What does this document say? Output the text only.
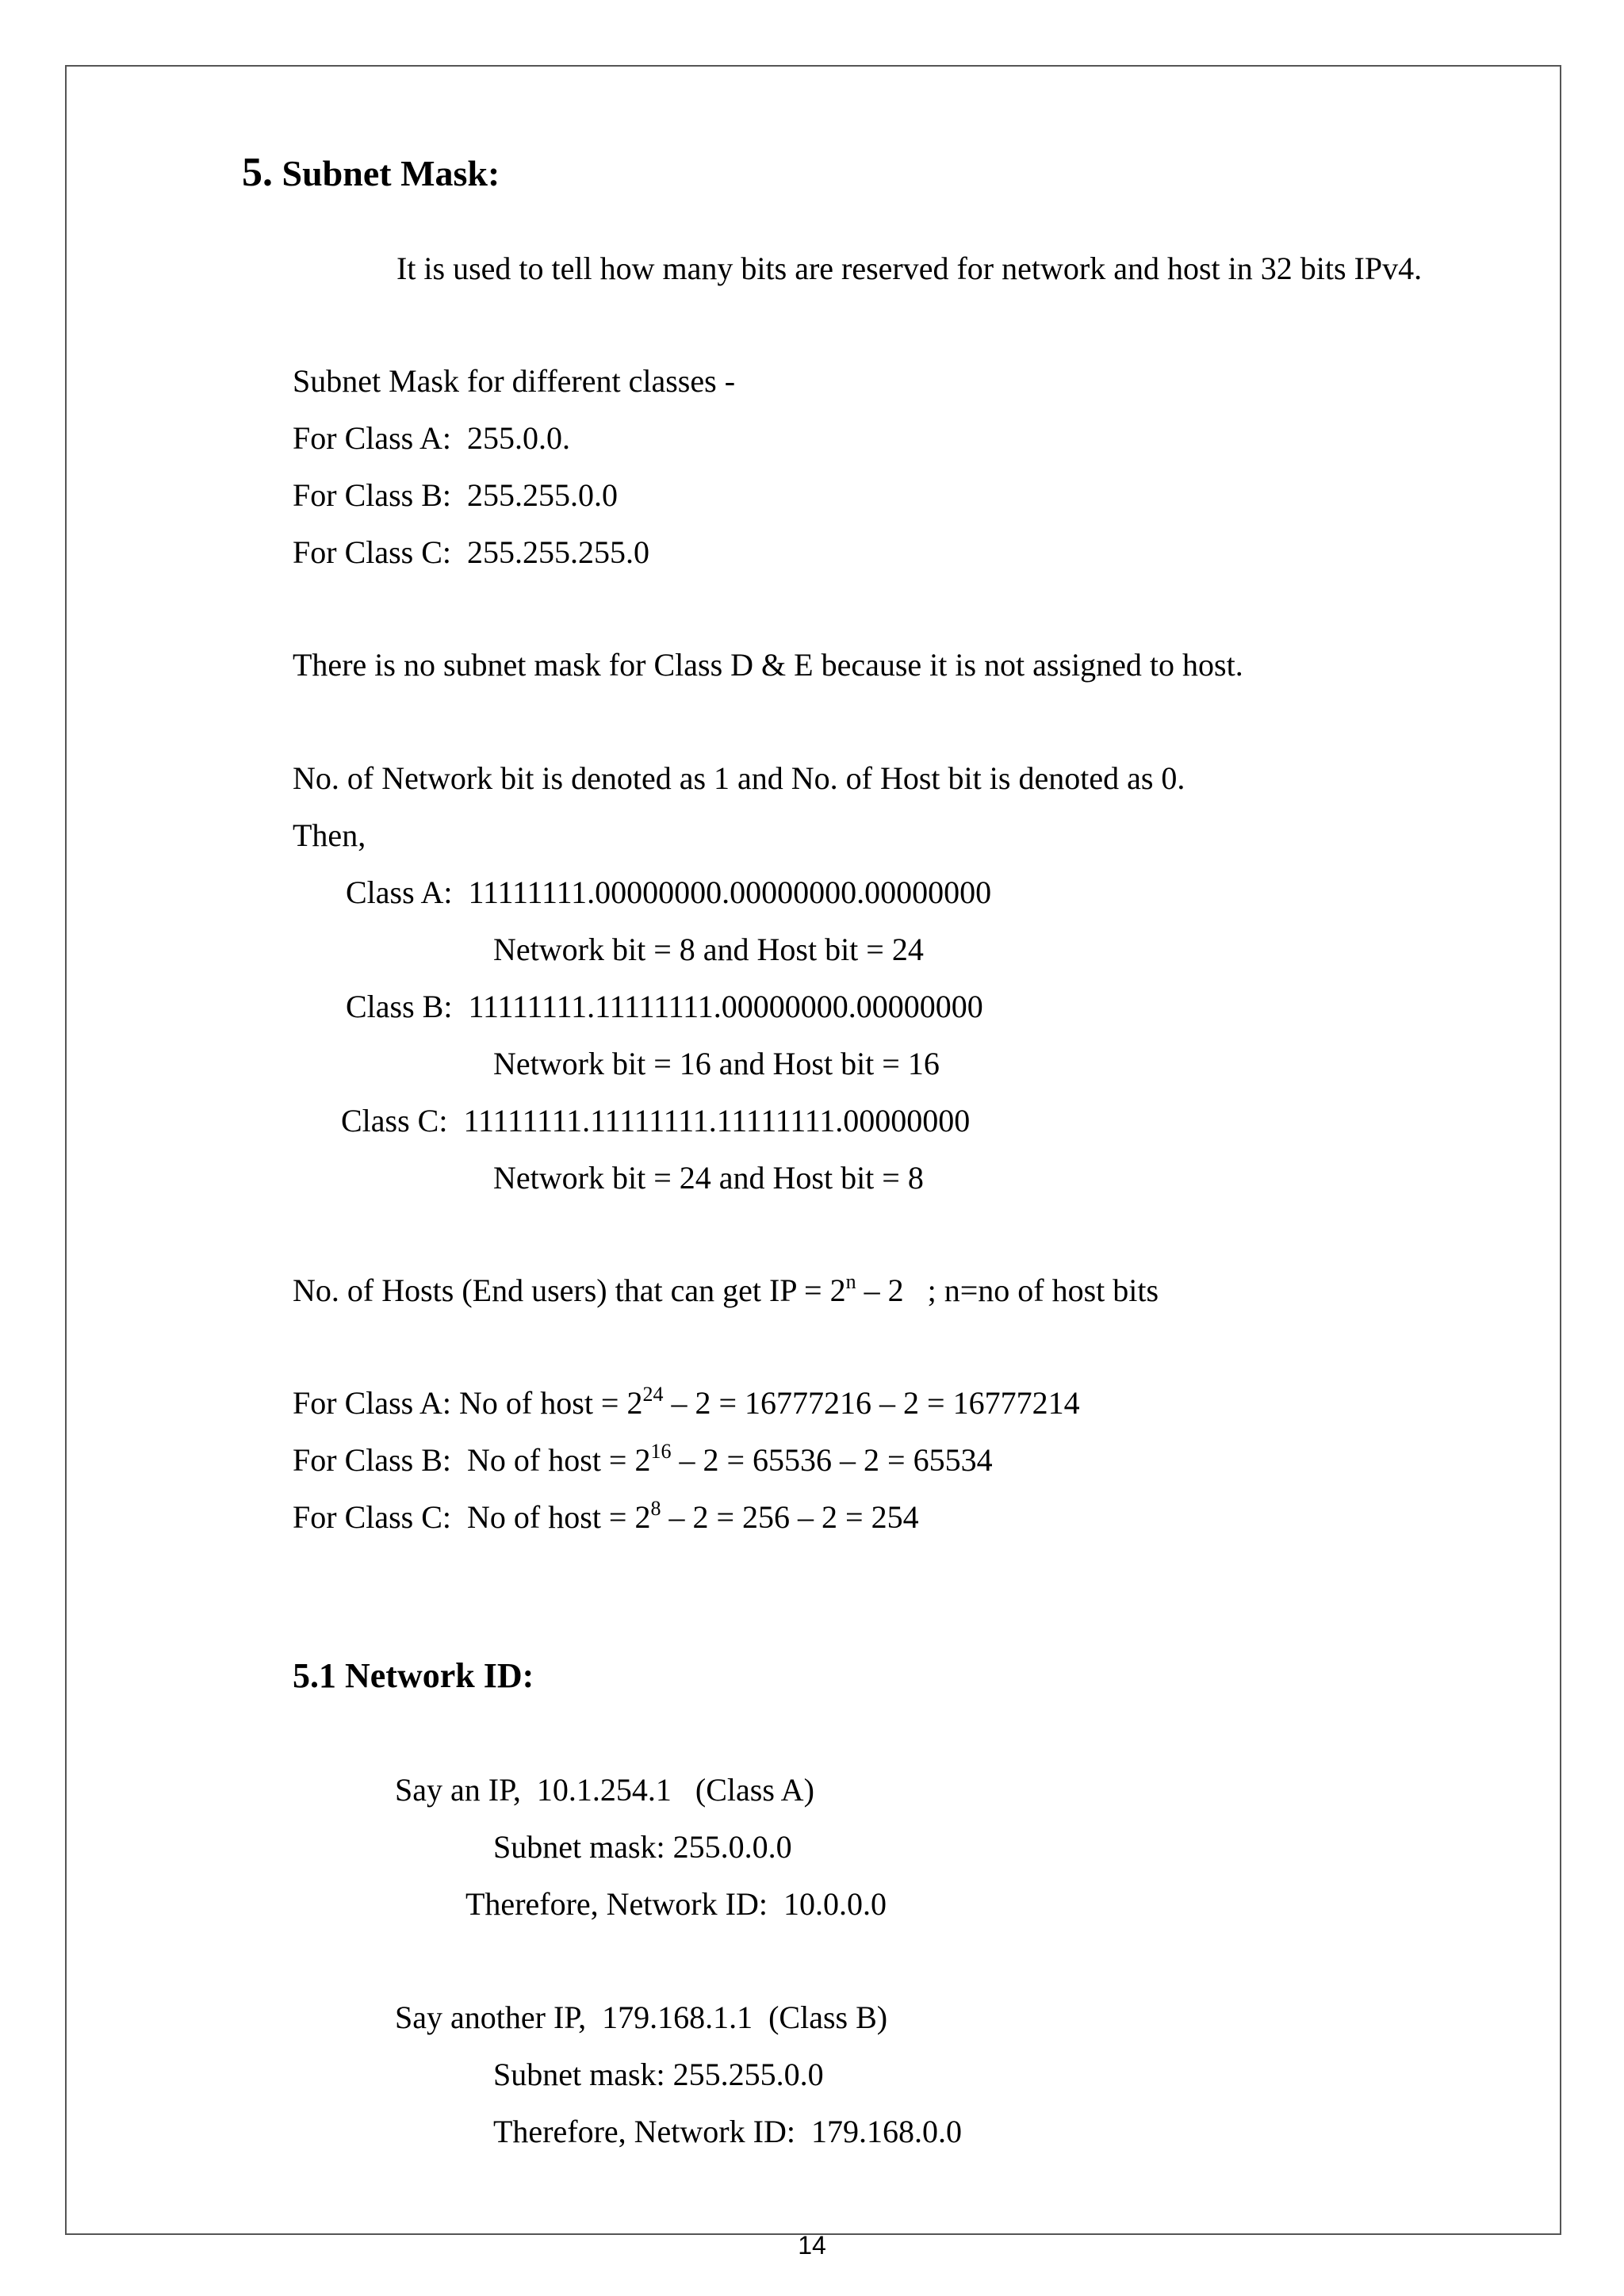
5. Subnet Mask:
It is used to tell how many bits are reserved for network and host in 32 bits IPv4.
Subnet Mask for different classes -
For Class A:  255.0.0.
For Class B:  255.255.0.0
For Class C:  255.255.255.0
There is no subnet mask for Class D & E because it is not assigned to host.
No. of Network bit is denoted as 1 and No. of Host bit is denoted as 0.
Then,
Class A:  11111111.00000000.00000000.00000000
Network bit = 8 and Host bit = 24
Class B:  11111111.11111111.00000000.00000000
Network bit = 16 and Host bit = 16
Class C:  11111111.11111111.11111111.00000000
Network bit = 24 and Host bit = 8
No. of Hosts (End users) that can get IP = $2^n - 2$   ; n=no of host bits
For Class A: No of host = $2^{24} - 2 = 16777216 - 2 = 16777214$
For Class B:  No of host = $2^{16} - 2 = 65536 - 2 = 65534$
For Class C:  No of host = $2^8 - 2 = 256 - 2 = 254$
5.1 Network ID:
Say an IP,  10.1.254.1   (Class A)
Subnet mask: 255.0.0.0
Therefore, Network ID:  10.0.0.0
Say another IP,  179.168.1.1  (Class B)
Subnet mask: 255.255.0.0
Therefore, Network ID:  179.168.0.0
14
